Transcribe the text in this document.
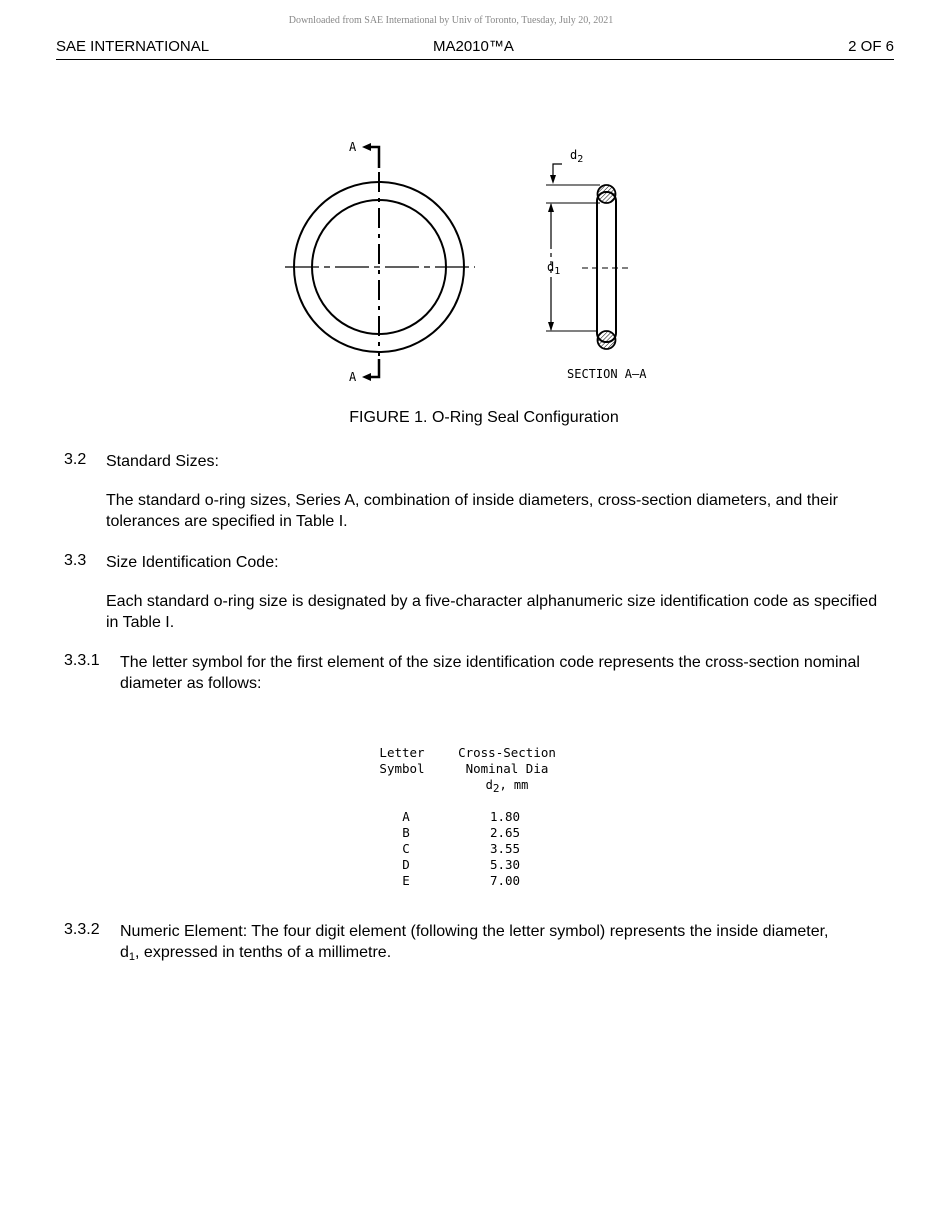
Downloaded from SAE International by Univ of Toronto, Tuesday, July 20, 2021
SAE INTERNATIONAL	MA2010™A	2 OF 6
A
A
$d_2$
$d_1$
SECTION A–A
FIGURE 1. O-Ring Seal Configuration
3.2 Standard Sizes:
The standard o-ring sizes, Series A, combination of inside diameters, cross-section diameters, and their tolerances are specified in Table I.
3.3 Size Identification Code:
Each standard o-ring size is designated by a five-character alphanumeric size identification code as specified in Table I.
3.3.1 The letter symbol for the first element of the size identification code represents the cross-section nominal diameter as follows:
Letter
Symbol
Cross-Section
Nominal Dia
$d_2$, mm
A
B
C
D
E
1.80
2.65
3.55
5.30
7.00
3.3.2 Numeric Element: The four digit element (following the letter symbol) represents the inside diameter, $d_1$, expressed in tenths of a millimetre.
